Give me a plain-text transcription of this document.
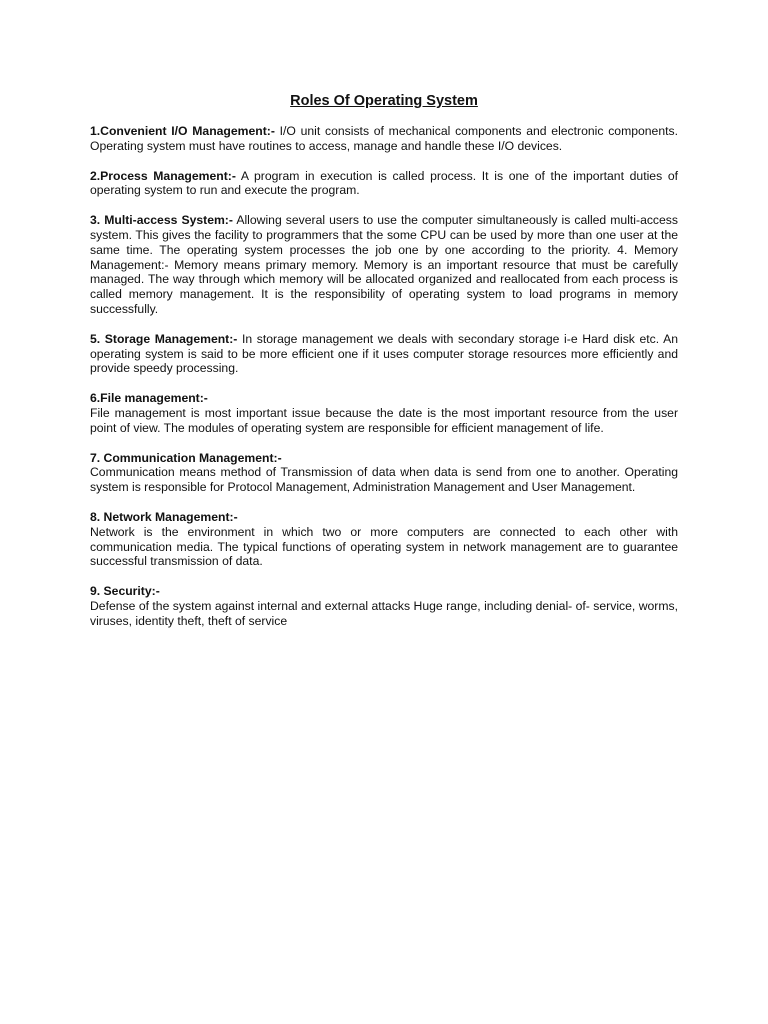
Roles Of Operating System
1.Convenient I/O Management:- I/O unit consists of mechanical components and electronic components. Operating system must have routines to access, manage and handle these I/O devices.
2.Process Management:- A program in execution is called process. It is one of the important duties of operating system to run and execute the program.
3. Multi-access System:- Allowing several users to use the computer simultaneously is called multi-access system. This gives the facility to programmers that the some CPU can be used by more than one user at the same time. The operating system processes the job one by one according to the priority. 4. Memory Management:- Memory means primary memory. Memory is an important resource that must be carefully managed. The way through which memory will be allocated organized and reallocated from each process is called memory management. It is the responsibility of operating system to load programs in memory successfully.
5. Storage Management:- In storage management we deals with secondary storage i-e Hard disk etc. An operating system is said to be more efficient one if it uses computer storage resources more efficiently and provide speedy processing.
6.File management:-
File management is most important issue because the date is the most important resource from the user point of view. The modules of operating system are responsible for efficient management of life.
7. Communication Management:-
Communication means method of Transmission of data when data is send from one to another. Operating system is responsible for Protocol Management, Administration Management and User Management.
8. Network Management:-
Network is the environment in which two or more computers are connected to each other with communication media. The typical functions of operating system in network management are to guarantee successful transmission of data.
9. Security:-
Defense of the system against internal and external attacks Huge range, including denial- of- service, worms, viruses, identity theft, theft of service
